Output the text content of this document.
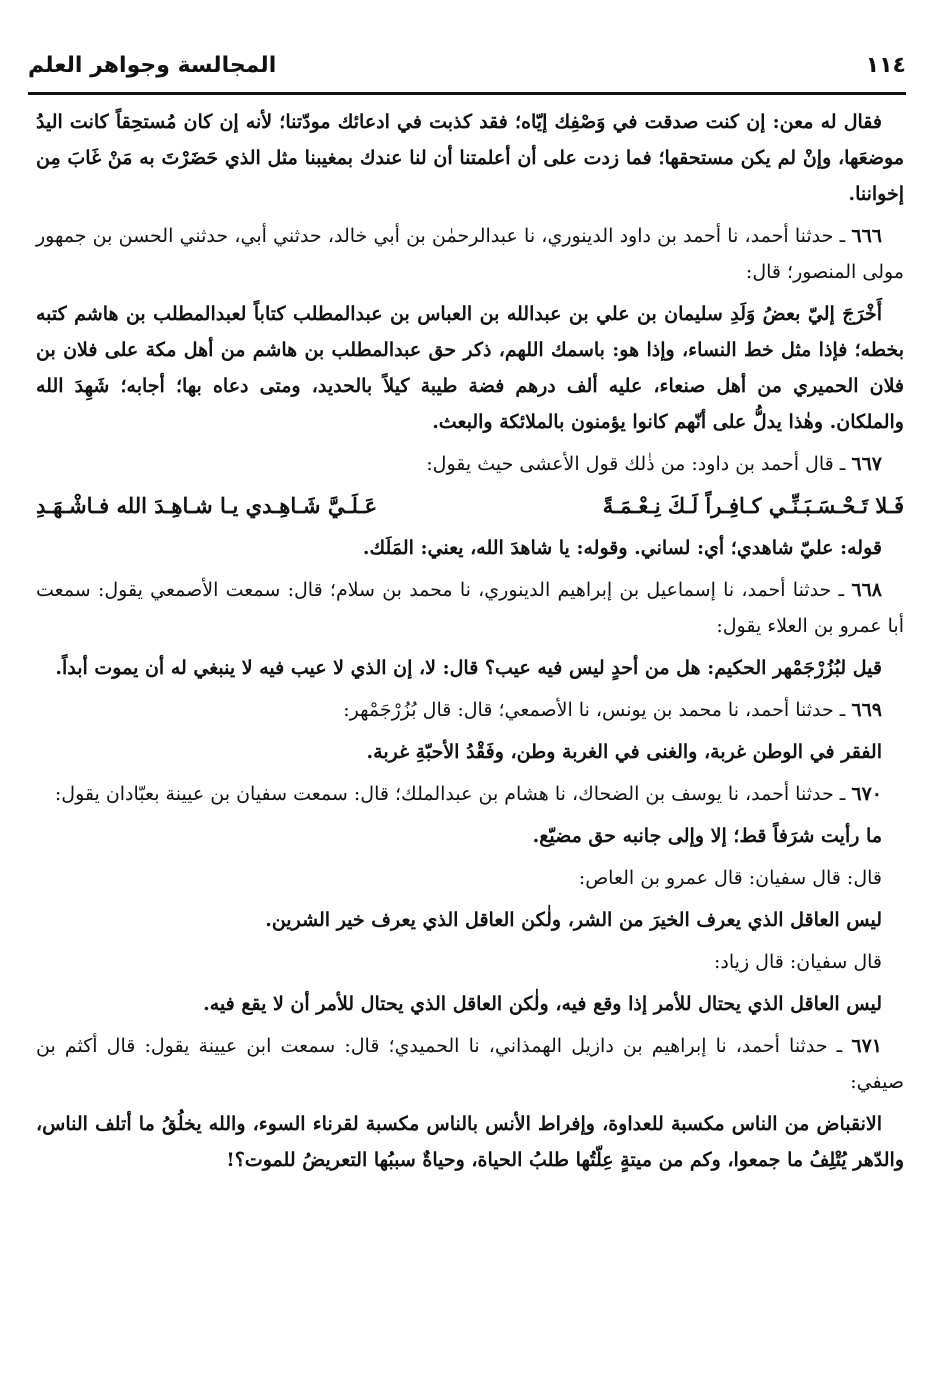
١١٤
المجالسة وجواهر العلم

فقال له معن: إن كنت صدقت في وَصْفِك إيّاه؛ فقد كذبت في ادعائك مودّتنا؛ لأنه إن كان مُستحِقاً كانت اليدُ موضعَها، وإنْ لم يكن مستحقها؛ فما زدت على أن أعلمتنا أن لنا عندك بمغيبنا مثل الذي حَضَرْتَ به مَنْ غَابَ مِن إخواننا.

٦٦٦ ـ حدثنا أحمد، نا أحمد بن داود الدينوري، نا عبدالرحمٰن بن أبي خالد، حدثني أبي، حدثني الحسن بن جمهور مولى المنصور؛ قال:

أَخْرَجَ إليّ بعضُ وَلَدِ سليمان بن علي بن عبدالله بن العباس بن عبدالمطلب كتاباً لعبدالمطلب بن هاشم كتبه بخطه؛ فإذا مثل خط النساء، وإذا هو: باسمك اللهم، ذكر حق عبدالمطلب بن هاشم من أهل مكة على فلان بن فلان الحميري من أهل صنعاء، عليه ألف درهم فضة طيبة كيلاً بالحديد، ومتى دعاه بها؛ أجابه؛ شَهِدَ الله والملكان. وهٰذا يدلُّ على أنّهم كانوا يؤمنون بالملائكة والبعث.

٦٦٧ ـ قال أحمد بن داود: من ذٰلك قول الأعشى حيث يقول:

فَـلا تَـحْـسَـبَـنِّـي كـافِـراً لَـكَ نِـعْـمَـةً
عَـلَـيَّ شَـاهِـدي يـا شـاهِـدَ الله فـاشْـهَـدِ

قوله: عليّ شاهدي؛ أي: لساني. وقوله: يا شاهدَ الله، يعني: المَلَك.

٦٦٨ ـ حدثنا أحمد، نا إسماعيل بن إبراهيم الدينوري، نا محمد بن سلام؛ قال: سمعت الأصمعي يقول: سمعت أبا عمرو بن العلاء يقول:

قيل لبُزُرْجَمْهر الحكيم: هل من أحدٍ ليس فيه عيب؟ قال: لا، إن الذي لا عيب فيه لا ينبغي له أن يموت أبداً.

٦٦٩ ـ حدثنا أحمد، نا محمد بن يونس، نا الأصمعي؛ قال: قال بُزُرْجَمْهر:

الفقر في الوطن غربة، والغنى في الغربة وطن، وفَقْدُ الأحبّةِ غربة.

٦٧٠ ـ حدثنا أحمد، نا يوسف بن الضحاك، نا هشام بن عبدالملك؛ قال: سمعت سفيان بن عيينة بعبّادان يقول:

ما رأيت شرَفاً قط؛ إلا وإلى جانبه حق مضيّع.

قال: قال سفيان: قال عمرو بن العاص:

ليس العاقل الذي يعرف الخيرَ من الشر، ولٰكن العاقل الذي يعرف خير الشرين.

قال سفيان: قال زياد:

ليس العاقل الذي يحتال للأمر إذا وقع فيه، ولٰكن العاقل الذي يحتال للأمر أن لا يقع فيه.

٦٧١ ـ حدثنا أحمد، نا إبراهيم بن دازيل الهمذاني، نا الحميدي؛ قال: سمعت ابن عيينة يقول: قال أكثم بن صيفي:

الانقباض من الناس مكسبة للعداوة، وإفراط الأنس بالناس مكسبة لقرناء السوء، والله يخلُقُ ما أتلف الناس، والدّهر يُتْلِفُ ما جمعوا، وكم من ميتةٍ عِلّتُها طلبُ الحياة، وحياةٌ سببُها التعريضُ للموت؟!
